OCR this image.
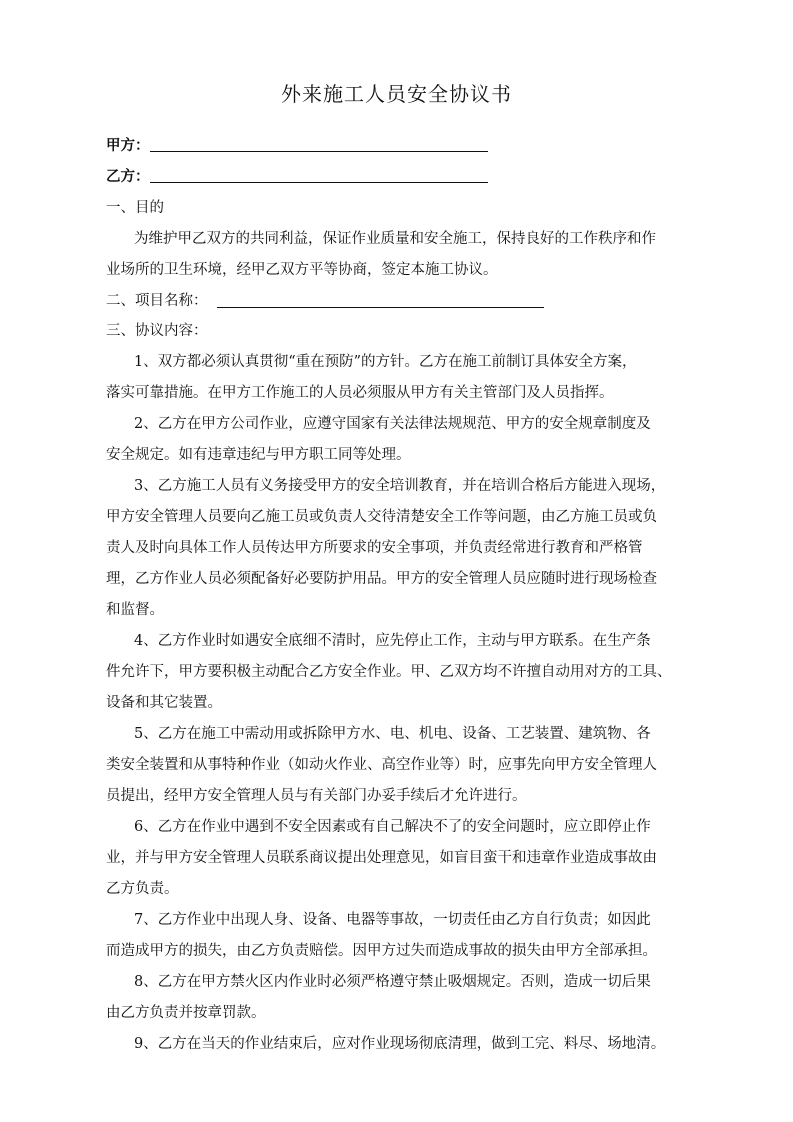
外来施工人员安全协议书
甲方：
乙方：
一、目的
为维护甲乙双方的共同利益，保证作业质量和安全施工，保持良好的工作秩序和作
业场所的卫生环境，经甲乙双方平等协商，签定本施工协议。
二、项目名称：
三、协议内容：
1、双方都必须认真贯彻“重在预防”的方针。乙方在施工前制订具体安全方案，
落实可靠措施。在甲方工作施工的人员必须服从甲方有关主管部门及人员指挥。
2、乙方在甲方公司作业，应遵守国家有关法律法规规范、甲方的安全规章制度及
安全规定。如有违章违纪与甲方职工同等处理。
3、乙方施工人员有义务接受甲方的安全培训教育，并在培训合格后方能进入现场，
甲方安全管理人员要向乙施工员或负责人交待清楚安全工作等问题，由乙方施工员或负
责人及时向具体工作人员传达甲方所要求的安全事项，并负责经常进行教育和严格管
理，乙方作业人员必须配备好必要防护用品。甲方的安全管理人员应随时进行现场检查
和监督。
4、乙方作业时如遇安全底细不清时，应先停止工作，主动与甲方联系。在生产条
件允许下，甲方要积极主动配合乙方安全作业。甲、乙双方均不许擅自动用对方的工具、
设备和其它装置。
5、乙方在施工中需动用或拆除甲方水、电、机电、设备、工艺装置、建筑物、各
类安全装置和从事特种作业（如动火作业、高空作业等）时，应事先向甲方安全管理人
员提出，经甲方安全管理人员与有关部门办妥手续后才允许进行。
6、乙方在作业中遇到不安全因素或有自己解决不了的安全问题时，应立即停止作
业，并与甲方安全管理人员联系商议提出处理意见，如盲目蛮干和违章作业造成事故由
乙方负责。
7、乙方作业中出现人身、设备、电器等事故，一切责任由乙方自行负责；如因此
而造成甲方的损失，由乙方负责赔偿。因甲方过失而造成事故的损失由甲方全部承担。
8、乙方在甲方禁火区内作业时必须严格遵守禁止吸烟规定。否则，造成一切后果
由乙方负责并按章罚款。
9、乙方在当天的作业结束后，应对作业现场彻底清理，做到工完、料尽、场地清。
